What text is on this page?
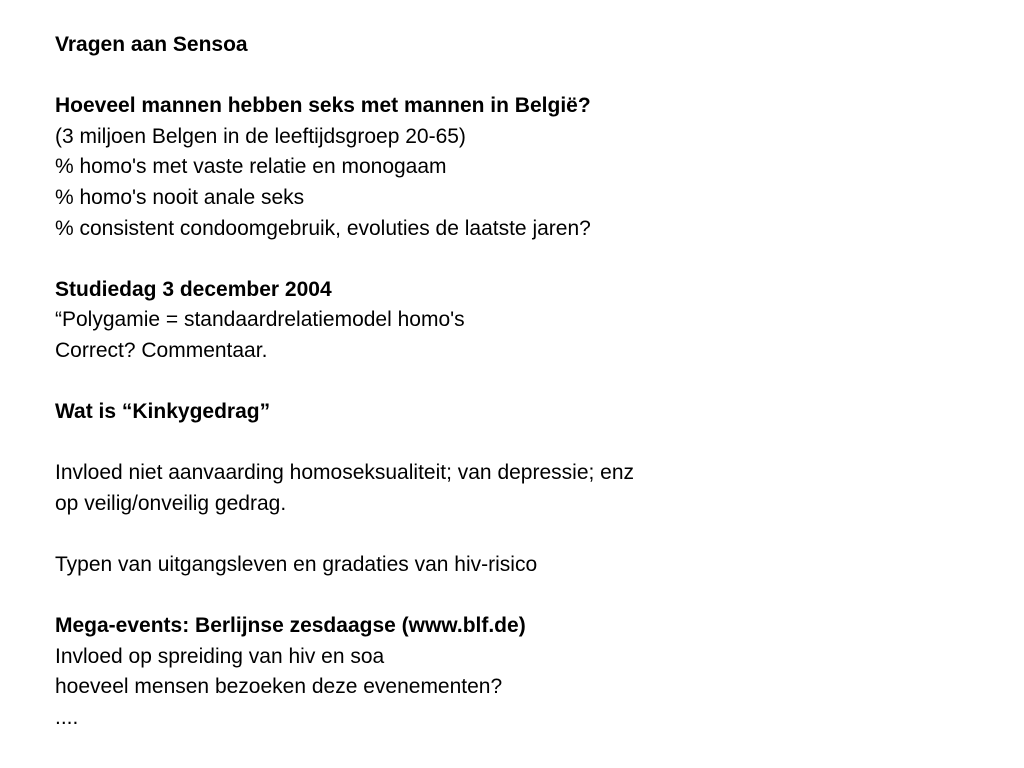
Vragen aan Sensoa
Hoeveel mannen hebben seks met mannen in België?
(3 miljoen Belgen in de leeftijdsgroep 20-65)
% homo's met vaste relatie en monogaam
% homo's nooit anale seks
% consistent condoomgebruik, evoluties de laatste jaren?
Studiedag 3 december 2004
“Polygamie = standaardrelatiemodel homo's
Correct? Commentaar.
Wat is “Kinkygedrag”
Invloed niet aanvaarding homoseksualiteit; van depressie; enz
op veilig/onveilig gedrag.
Typen van uitgangsleven en gradaties van hiv-risico
Mega-events: Berlijnse zesdaagse (www.blf.de)
Invloed op spreiding van hiv en soa
hoeveel mensen bezoeken deze evenementen?
....
